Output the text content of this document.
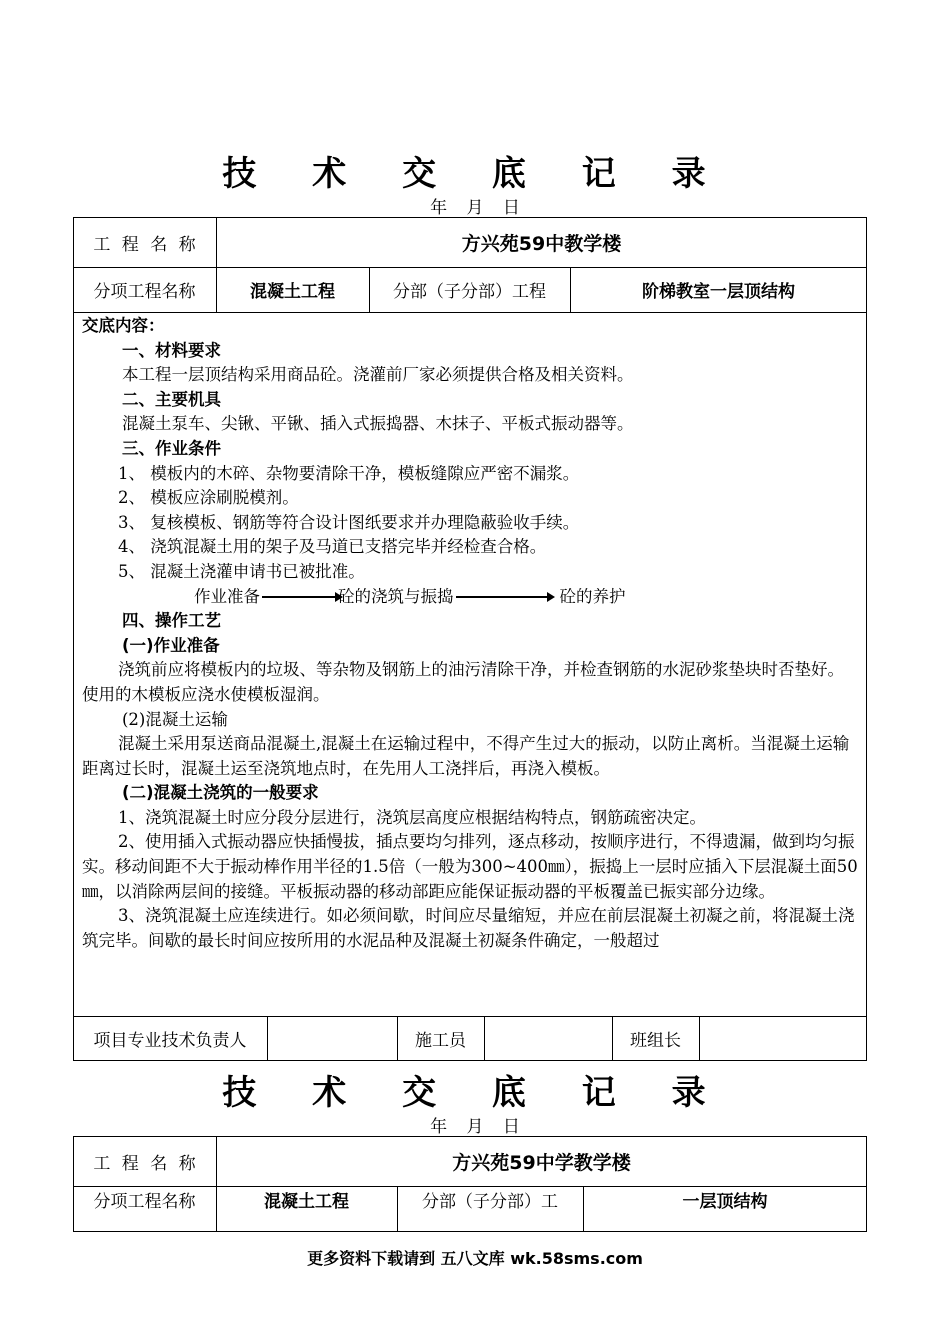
技 术 交 底 记 录
年 月 日
工 程 名 称	方兴苑59中教学楼
分项工程名称	混凝土工程	分部（子分部）工程	阶梯教室一层顶结构

交底内容：

一、材料要求

本工程一层顶结构采用商品砼。浇灌前厂家必须提供合格及相关资料。

二、主要机具

混凝土泵车、尖锹、平锹、插入式振捣器、木抹子、平板式振动器等。

三、作业条件

1、 模板内的木碎、杂物要清除干净，模板缝隙应严密不漏浆。

2、 模板应涂刷脱模剂。

3、 复核模板、钢筋等符合设计图纸要求并办理隐蔽验收手续。

4、 浇筑混凝土用的架子及马道已支搭完毕并经检查合格。

5、 混凝土浇灌申请书已被批准。

作业准备	砼的浇筑与振捣	砼的养护

四、操作工艺

(一)作业准备

浇筑前应将模板内的垃圾、等杂物及钢筋上的油污清除干净，并检查钢筋的水泥砂浆垫块时否垫好。使用的木模板应浇水使模板湿润。

(2)混凝土运输

混凝土采用泵送商品混凝土,混凝土在运输过程中，不得产生过大的振动，以防止离析。当混凝土运输距离过长时，混凝土运至浇筑地点时，在先用人工浇拌后，再浇入模板。

(二)混凝土浇筑的一般要求

1、浇筑混凝土时应分段分层进行，浇筑层高度应根据结构特点，钢筋疏密决定。

2、使用插入式振动器应快插慢拔，插点要均匀排列，逐点移动，按顺序进行，不得遗漏，做到均匀振实。移动间距不大于振动棒作用半径的1.5倍（一般为300~400㎜），振捣上一层时应插入下层混凝土面50㎜，以消除两层间的接缝。平板振动器的移动部距应能保证振动器的平板覆盖已振实部分边缘。

3、浇筑混凝土应连续进行。如必须间歇，时间应尽量缩短，并应在前层混凝土初凝之前，将混凝土浇筑完毕。间歇的最长时间应按所用的水泥品种及混凝土初凝条件确定，一般超过

项目专业技术负责人	施工员	班组长
技 术 交 底 记 录
年 月 日
工 程 名 称	方兴苑59中学教学楼
分项工程名称	混凝土工程	分部（子分部）工	一层顶结构
更多资料下载请到 五八文库 wk.58sms.com
